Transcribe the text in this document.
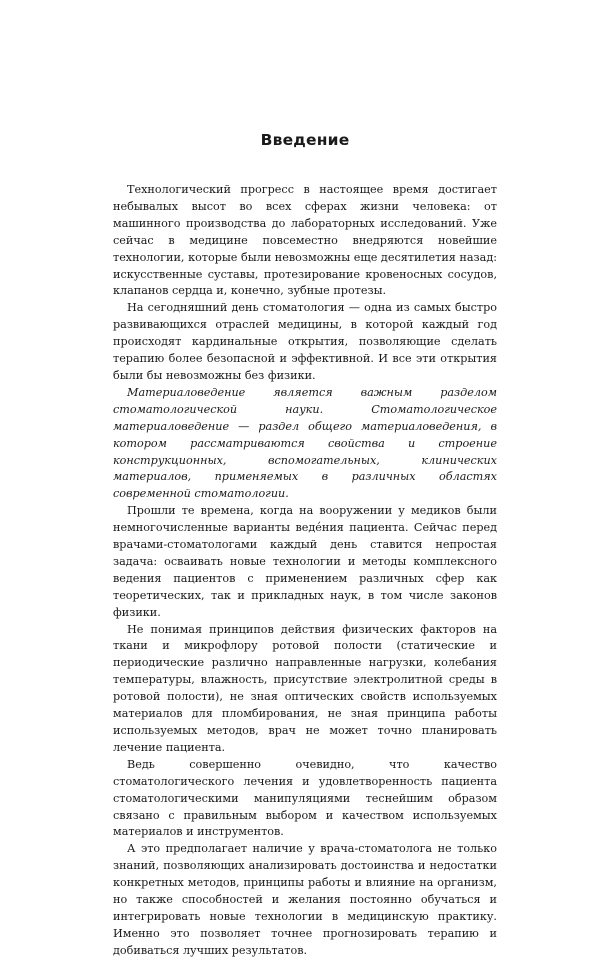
Введение

Технологический прогресс в настоящее время достигает небывалых высот во всех сферах жизни человека: от машинного производства до лабораторных исследований. Уже сейчас в медицине повсеместно внедряются новейшие технологии, которые были невозможны еще десятилетия назад: искусственные суставы, протезирование кровеносных сосудов, клапанов сердца и, конечно, зубные протезы.

На сегодняшний день стоматология — одна из самых быстро развивающихся отраслей медицины, в которой каждый год происходят кардинальные открытия, позволяющие сделать терапию более безопасной и эффективной. И все эти открытия были бы невозможны без физики.

Материаловедение является важным разделом стоматологической науки. Стоматологическое материаловедение — раздел общего материаловедения, в котором рассматриваются свойства и строение конструкционных, вспомогательных, клинических материалов, применяемых в различных областях современной стоматологии.

Прошли те времена, когда на вооружении у медиков были немногочисленные варианты ведéния пациента. Сейчас перед врачами-стоматологами каждый день ставится непростая задача: осваивать новые технологии и методы комплексного ведения пациентов с применением различных сфер как теоретических, так и прикладных наук, в том числе законов физики.

Не понимая принципов действия физических факторов на ткани и микрофлору ротовой полости (статические и периодические различно направленные нагрузки, колебания температуры, влажность, присутствие электролитной среды в ротовой полости), не зная оптических свойств используемых материалов для пломбирования, не зная принципа работы используемых методов, врач не может точно планировать лечение пациента.

Ведь совершенно очевидно, что качество стоматологического лечения и удовлетворенность пациента стоматологическими манипуляциями теснейшим образом связано с правильным выбором и качеством используемых материалов и инструментов.

А это предполагает наличие у врача-стоматолога не только знаний, позволяющих анализировать достоинства и недостатки конкретных методов, принципы работы и влияние на организм, но также способностей и желания постоянно обучаться и интегрировать новые технологии в медицинскую практику. Именно это позволяет точнее прогнозировать терапию и добиваться лучших результатов.
